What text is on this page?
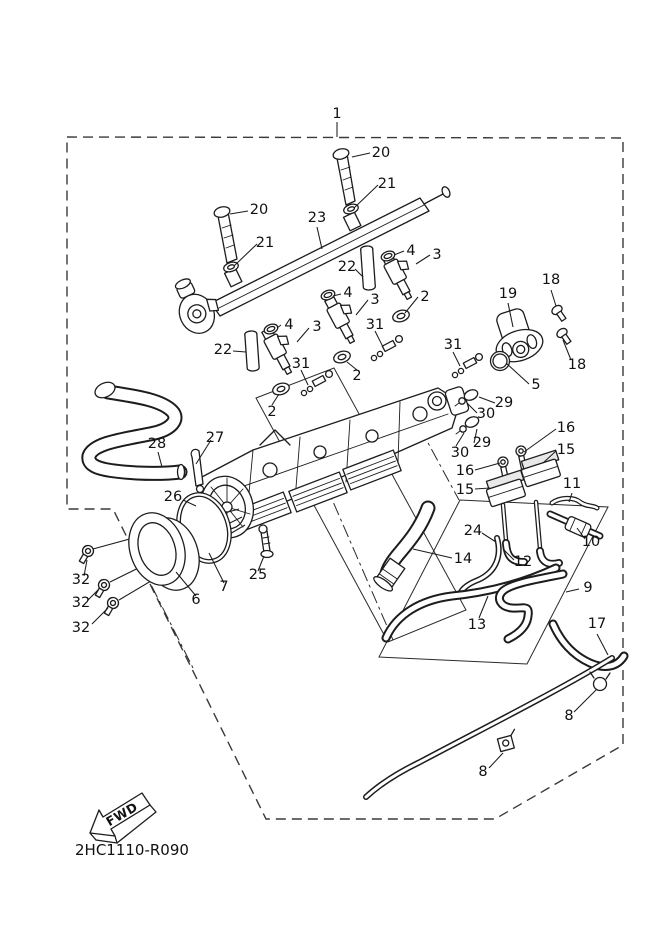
1
20
21
20
21
23
22
22
4 3
4 3
4 3
2
2
2
31
31
31
19
18
18
5
29
30
29
30
16
15
16
15	11
10
24
14	12
9
13	17
8
8
28	27
26
32
32
32
25
7
6
FWD
2HC1110-R090
